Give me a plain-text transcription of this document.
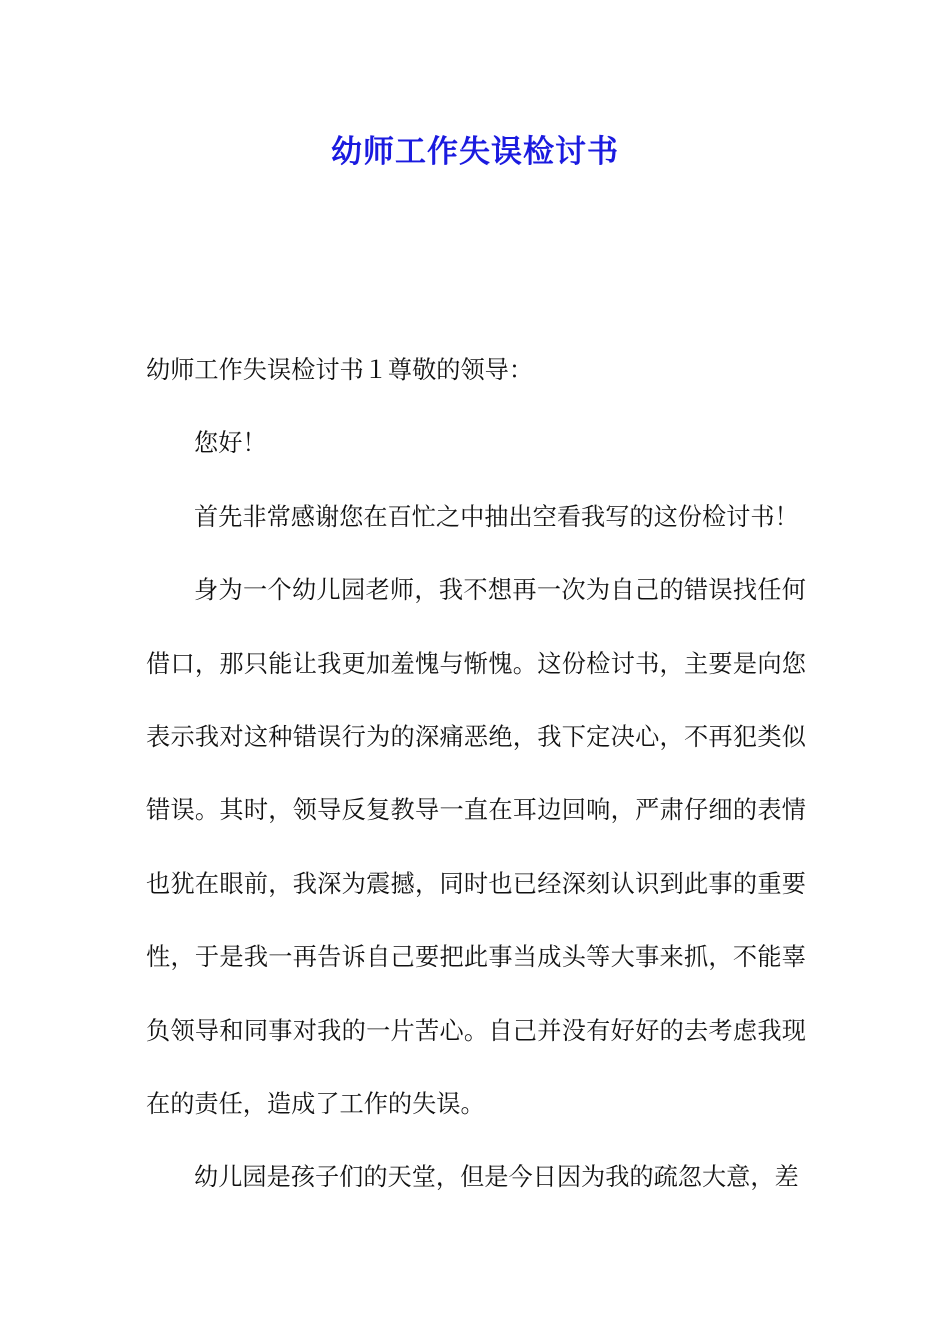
幼师工作失误检讨书

幼师工作失误检讨书１尊敬的领导：

您好！

首先非常感谢您在百忙之中抽出空看我写的这份检讨书！

身为一个幼儿园老师，我不想再一次为自己的错误找任何借口，那只能让我更加羞愧与惭愧。这份检讨书，主要是向您表示我对这种错误行为的深痛恶绝，我下定决心，不再犯类似错误。其时，领导反复教导一直在耳边回响，严肃仔细的表情也犹在眼前，我深为震撼，同时也已经深刻认识到此事的重要性，于是我一再告诉自己要把此事当成头等大事来抓，不能辜负领导和同事对我的一片苦心。自己并没有好好的去考虑我现在的责任，造成了工作的失误。

幼儿园是孩子们的天堂，但是今日因为我的疏忽大意，差
